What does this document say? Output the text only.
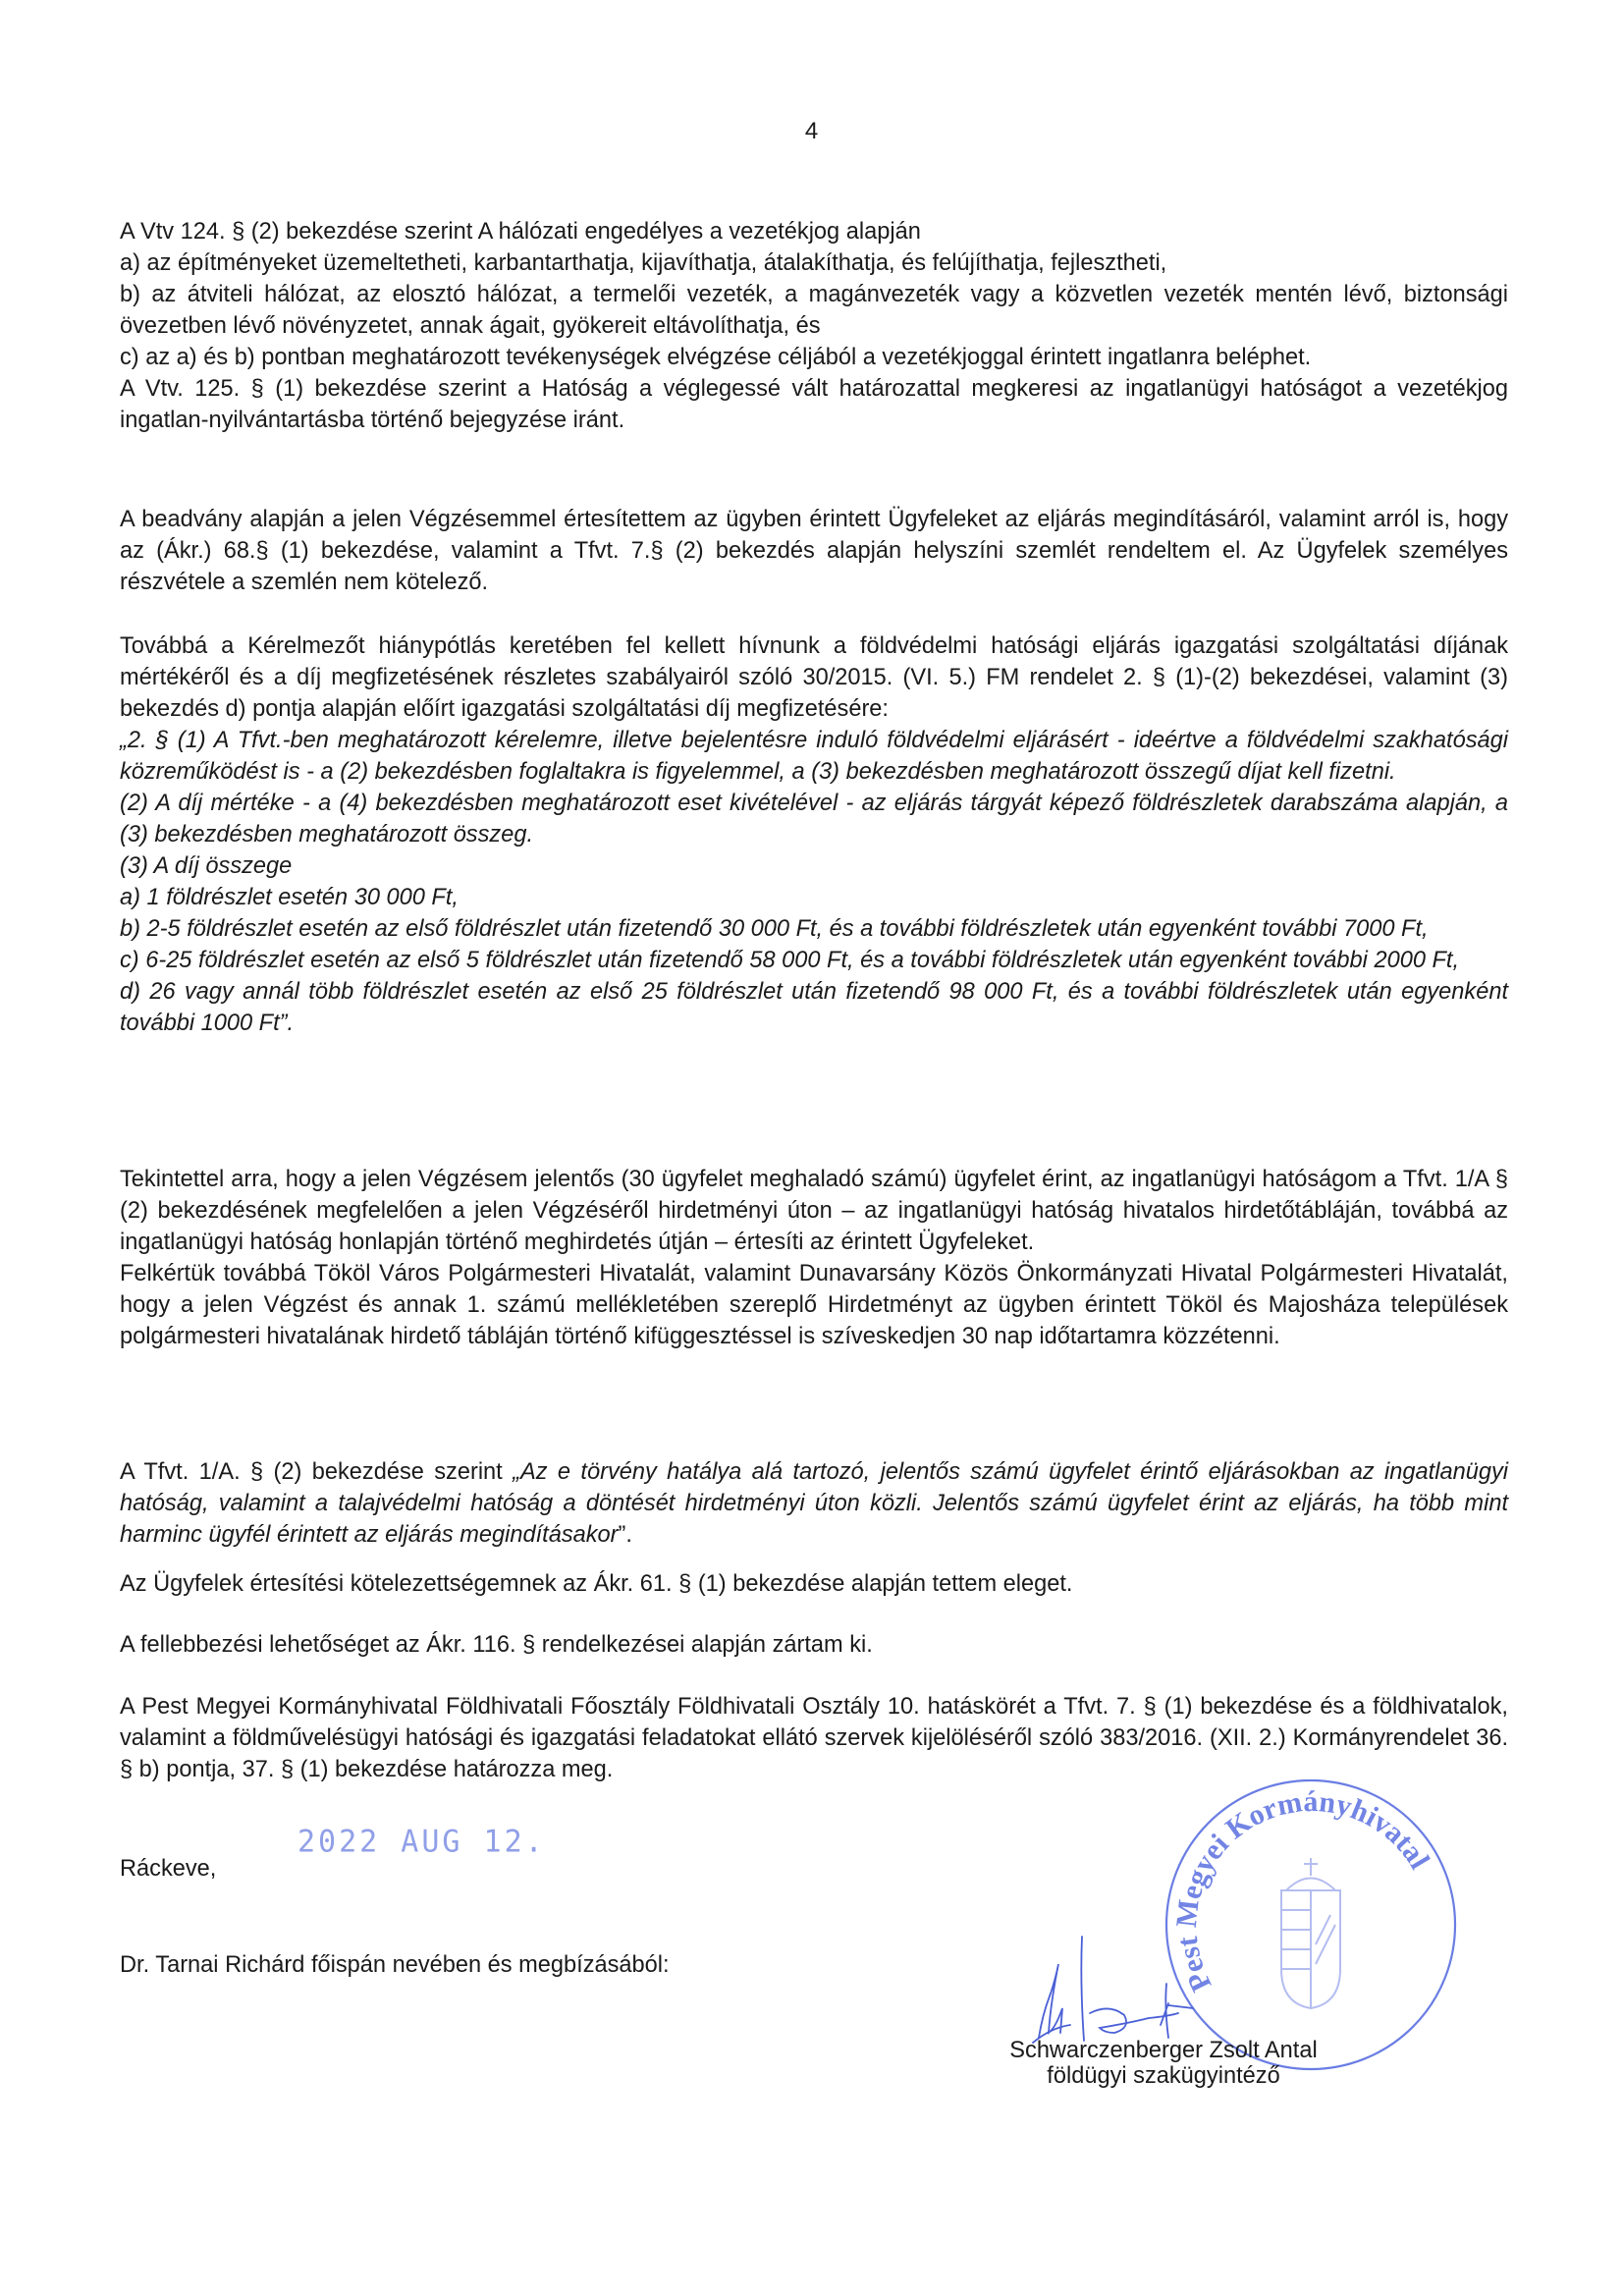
4
A Vtv 124. § (2) bekezdése szerint A hálózati engedélyes a vezetékjog alapján
a) az építményeket üzemeltetheti, karbantarthatja, kijavíthatja, átalakíthatja, és felújíthatja, fejlesztheti,
b) az átviteli hálózat, az elosztó hálózat, a termelői vezeték, a magánvezeték vagy a közvetlen vezeték mentén lévő, biztonsági övezetben lévő növényzetet, annak ágait, gyökereit eltávolíthatja, és
c) az a) és b) pontban meghatározott tevékenységek elvégzése céljából a vezetékjoggal érintett ingatlanra beléphet.
A Vtv. 125. § (1) bekezdése szerint a Hatóság a véglegessé vált határozattal megkeresi az ingatlanügyi hatóságot a vezetékjog ingatlan-nyilvántartásba történő bejegyzése iránt.

A beadvány alapján a jelen Végzésemmel értesítettem az ügyben érintett Ügyfeleket az eljárás megindításáról, valamint arról is, hogy az (Ákr.) 68.§ (1) bekezdése, valamint a Tfvt. 7.§ (2) bekezdés alapján helyszíni szemlét rendeltem el. Az Ügyfelek személyes részvétele a szemlén nem kötelező.

Továbbá a Kérelmezőt hiánypótlás keretében fel kellett hívnunk a földvédelmi hatósági eljárás igazgatási szolgáltatási díjának mértékéről és a díj megfizetésének részletes szabályairól szóló 30/2015. (VI. 5.) FM rendelet 2. § (1)-(2) bekezdései, valamint (3) bekezdés d) pontja alapján előírt igazgatási szolgáltatási díj megfizetésére:
„2. § (1) A Tfvt.-ben meghatározott kérelemre, illetve bejelentésre induló földvédelmi eljárásért - ideértve a földvédelmi szakhatósági közreműködést is - a (2) bekezdésben foglaltakra is figyelemmel, a (3) bekezdésben meghatározott összegű díjat kell fizetni.
(2) A díj mértéke - a (4) bekezdésben meghatározott eset kivételével - az eljárás tárgyát képező földrészletek darabszáma alapján, a (3) bekezdésben meghatározott összeg.
(3) A díj összege
a) 1 földrészlet esetén 30 000 Ft,
b) 2-5 földrészlet esetén az első földrészlet után fizetendő 30 000 Ft, és a további földrészletek után egyenként további 7000 Ft,
c) 6-25 földrészlet esetén az első 5 földrészlet után fizetendő 58 000 Ft, és a további földrészletek után egyenként további 2000 Ft,
d) 26 vagy annál több földrészlet esetén az első 25 földrészlet után fizetendő 98 000 Ft, és a további földrészletek után egyenként további 1000 Ft”.
Tekintettel arra, hogy a jelen Végzésem jelentős (30 ügyfelet meghaladó számú) ügyfelet érint, az ingatlanügyi hatóságom a Tfvt. 1/A § (2) bekezdésének megfelelően a jelen Végzéséről hirdetményi úton – az ingatlanügyi hatóság hivatalos hirdetőtábláján, továbbá az ingatlanügyi hatóság honlapján történő meghirdetés útján – értesíti az érintett Ügyfeleket.
Felkértük továbbá Tököl Város Polgármesteri Hivatalát, valamint Dunavarsány Közös Önkormányzati Hivatal Polgármesteri Hivatalát, hogy a jelen Végzést és annak 1. számú mellékletében szereplő Hirdetményt az ügyben érintett Tököl és Majosháza települések polgármesteri hivatalának hirdető tábláján történő kifüggesztéssel is szíveskedjen 30 nap időtartamra közzétenni.

A Tfvt. 1/A. § (2) bekezdése szerint „Az e törvény hatálya alá tartozó, jelentős számú ügyfelet érintő eljárásokban az ingatlanügyi hatóság, valamint a talajvédelmi hatóság a döntését hirdetményi úton közli. Jelentős számú ügyfelet érint az eljárás, ha több mint harminc ügyfél érintett az eljárás megindításakor”.

Az Ügyfelek értesítési kötelezettségemnek az Ákr. 61. § (1) bekezdése alapján tettem eleget.

A fellebbezési lehetőséget az Ákr. 116. § rendelkezései alapján zártam ki.

A Pest Megyei Kormányhivatal Földhivatali Főosztály Földhivatali Osztály 10. hatáskörét a Tfvt. 7. § (1) bekezdése és a földhivatalok, valamint a földművelésügyi hatósági és igazgatási feladatokat ellátó szervek kijelöléséről szóló 383/2016. (XII. 2.) Kormányrendelet 36. § b) pontja, 37. § (1) bekezdése határozza meg.

Ráckeve,
2022 AUG 12.
Dr. Tarnai Richárd főispán nevében és megbízásából:
Pest Megyei Kormányhivatal
Schwarczenberger Zsolt Antal
földügyi szakügyintéző
